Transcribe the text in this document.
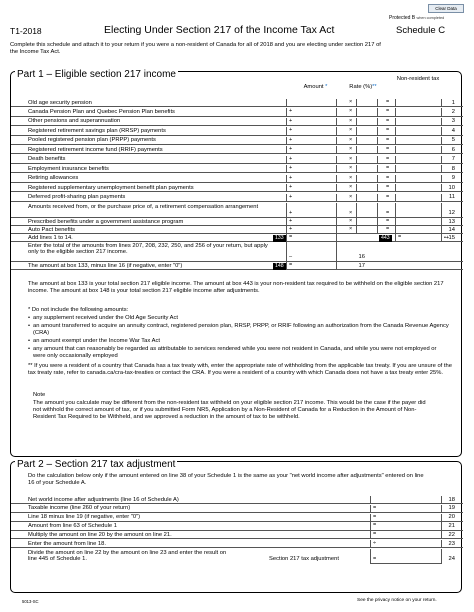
Clear Data
Protected B when completed
T1-2018	Electing Under Section 217 of the Income Tax Act	Schedule C
Complete this schedule and attach it to your return if you were a non-resident of Canada for all of 2018 and you are electing under section 217 of the Income Tax Act.
Part 1 – Eligible section 217 income
Amount *	Rate (%)**
Non-resident tax
Old age security pension	×	=	1
Canada Pension Plan and Quebec Pension Plan benefits	+	×	=	2
Other pensions and superannuation	+	×	=	3
Registered retirement savings plan (RRSP) payments	+	×	=	4
Pooled registered pension plan (PRPP) payments	+	×	=	5
Registered retirement income fund (RRIF) payments	+	×	=	6
Death benefits	+	×	=	7
Employment insurance benefits	+	×	=	8
Retiring allowances	+	×	=	9
Registered supplementary unemployment benefit plan payments	+	×	=	10
Deferred profit-sharing plan payments	+	×	=	11
Amounts received from, or the purchase price of, a retirement compensation arrangement
+	×	=	12
Prescribed benefits under a government assistance program	+	×	=	13
Auto Pact benefits	+	×	=	14
Add lines 1 to 14.	133 =	443	=	•+ 15
Enter the total of the amounts from lines 207, 208, 232, 250, and 256 of your return, but apply only to the eligible section 217 income.
–	16
The amount at box 133, minus line 16 (if negative, enter "0")	148 =	17
The amount at box 133 is your total section 217 eligible income. The amount at box 443 is your non-resident tax required to be withheld on the eligible section 217 income. The amount at box 148 is your total section 217 eligible income after adjustments.
* Do not include the following amounts:
• any supplement received under the Old Age Security Act
• an amount transferred to acquire an annuity contract, registered pension plan, RRSP, PRPP, or RRIF following an authorization from the Canada Revenue Agency (CRA)
• an amount exempt under the Income War Tax Act
• any amount that can reasonably be regarded as attributable to services rendered while you were not resident in Canada, and while you were not employed or were only occasionally employed
** If you were a resident of a country that Canada has a tax treaty with, enter the appropriate rate of withholding from the applicable tax treaty. If you are unsure of the tax treaty rate, refer to canada.ca/cra-tax-treaties or contact the CRA. If you were a resident of a country with which Canada does not have a tax treaty enter 25%.
Note
The amount you calculate may be different from the non-resident tax withheld on your eligible section 217 income. This would be the case if the payer did not withhold the correct amount of tax, or if you submitted Form NR5, Application by a Non-Resident of Canada for a Reduction in the Amount of Non-Resident Tax Required to be Withheld, and we approved a reduction in the amount of tax to be withheld.
Part 2 – Section 217 tax adjustment
Do the calculation below only if the amount entered on line 38 of your Schedule 1 is the same as your "net world income after adjustments" entered on line 16 of your Schedule A.
Net world income after adjustments (line 16 of Schedule A)	18
Taxable income (line 260 of your return)	=	19
Line 18 minus line 19 (if negative, enter "0")	=	20
Amount from line 63 of Schedule 1	=	21
Multiply the amount on line 20 by the amount on line 21.	=	22
Enter the amount from line 18.	÷	23
Divide the amount on line 22 by the amount on line 23 and enter the result on line 445 of Schedule 1.	Section 217 tax adjustment	=	24
5013-SC	See the privacy notice on your return.
